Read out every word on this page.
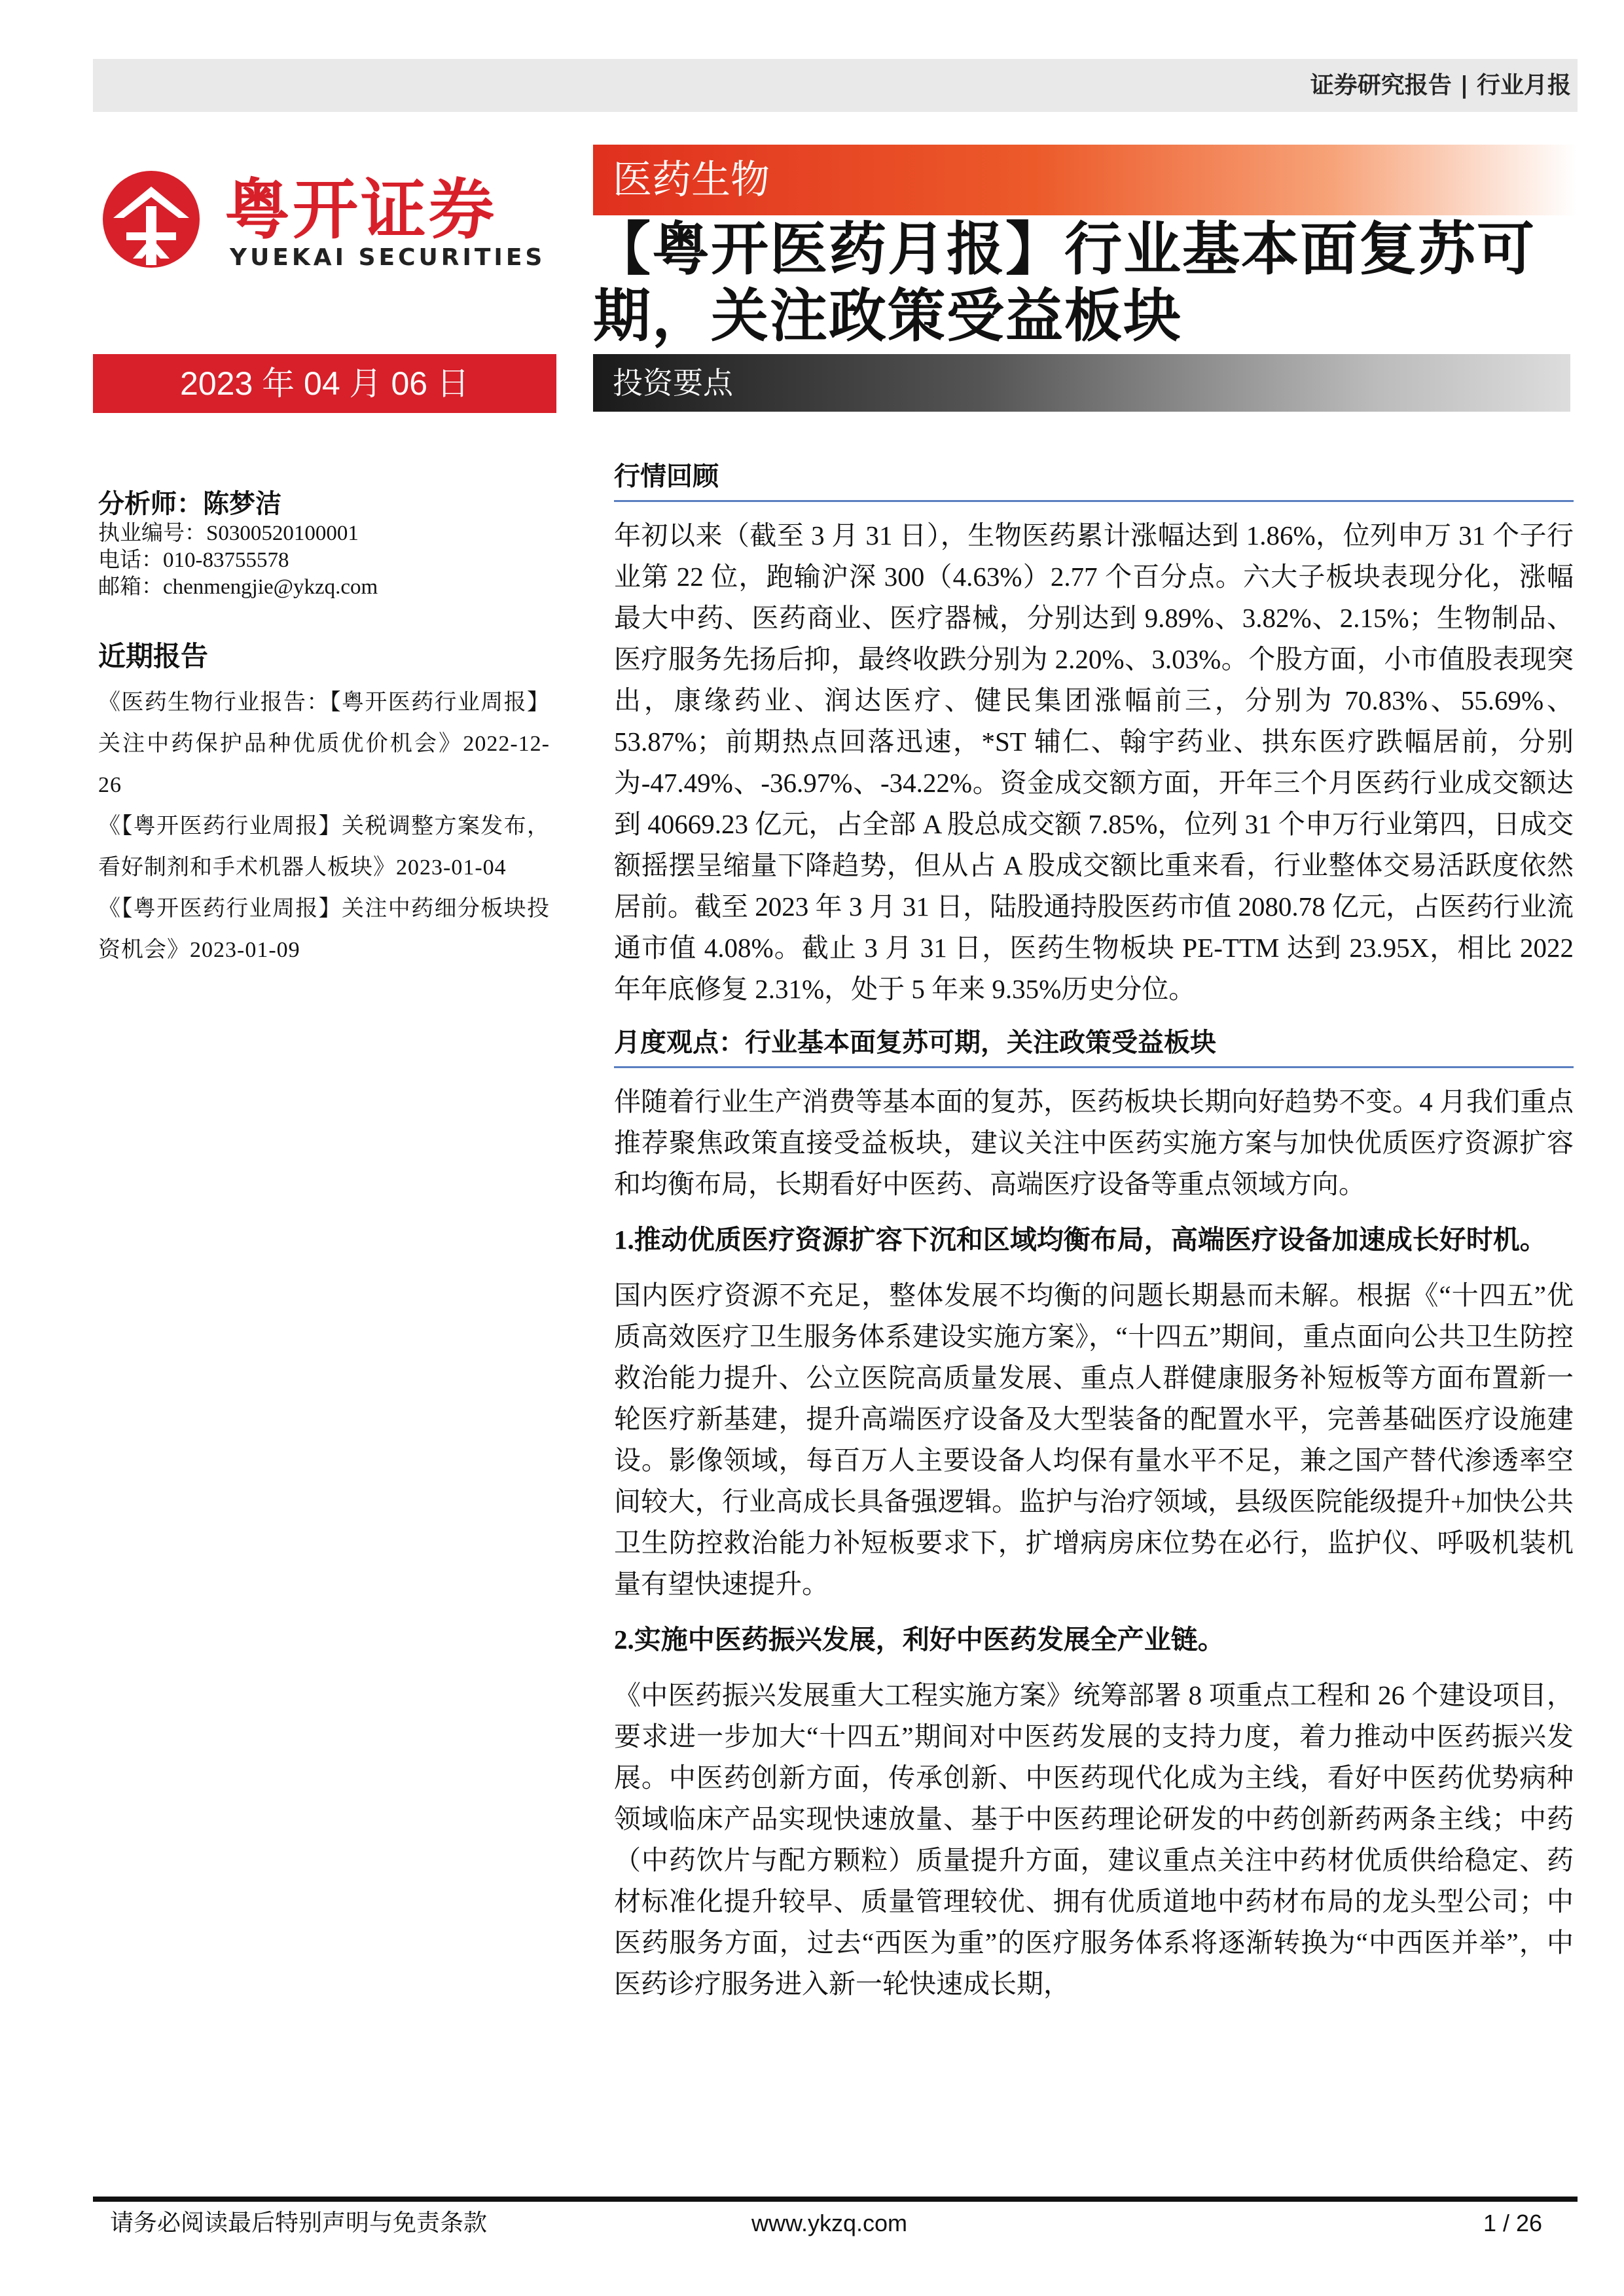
证券研究报告 | 行业月报
粤开证券
YUEKAI SECURITIES
医药生物
【粤开医药月报】行业基本面复苏可期，关注政策受益板块
2023 年 04 月 06 日	投资要点
分析师：陈梦洁
执业编号：S0300520100001
电话：010-83755578
邮箱：chenmengjie@ykzq.com
近期报告
《医药生物行业报告：【粤开医药行业周报】关注中药保护品种优质优价机会》2022-12-26
《【粤开医药行业周报】关税调整方案发布，看好制剂和手术机器人板块》2023-01-04
《【粤开医药行业周报】关注中药细分板块投资机会》2023-01-09
行情回顾
年初以来（截至 3 月 31 日），生物医药累计涨幅达到 1.86%，位列申万 31 个子行业第 22 位，跑输沪深 300（4.63%）2.77 个百分点。六大子板块表现分化，涨幅最大中药、医药商业、医疗器械，分别达到 9.89%、3.82%、2.15%；生物制品、医疗服务先扬后抑，最终收跌分别为 2.20%、3.03%。个股方面，小市值股表现突出，康缘药业、润达医疗、健民集团涨幅前三，分别为 70.83%、55.69%、53.87%；前期热点回落迅速，*ST 辅仁、翰宇药业、拱东医疗跌幅居前，分别为-47.49%、-36.97%、-34.22%。资金成交额方面，开年三个月医药行业成交额达到 40669.23 亿元，占全部 A 股总成交额 7.85%，位列 31 个申万行业第四，日成交额摇摆呈缩量下降趋势，但从占 A 股成交额比重来看，行业整体交易活跃度依然居前。截至 2023 年 3 月 31 日，陆股通持股医药市值 2080.78 亿元，占医药行业流通市值 4.08%。截止 3 月 31 日，医药生物板块 PE-TTM 达到 23.95X，相比 2022 年年底修复 2.31%，处于 5 年来 9.35%历史分位。
月度观点：行业基本面复苏可期，关注政策受益板块
伴随着行业生产消费等基本面的复苏，医药板块长期向好趋势不变。4 月我们重点推荐聚焦政策直接受益板块，建议关注中医药实施方案与加快优质医疗资源扩容和均衡布局，长期看好中医药、高端医疗设备等重点领域方向。
1.推动优质医疗资源扩容下沉和区域均衡布局，高端医疗设备加速成长好时机。
国内医疗资源不充足，整体发展不均衡的问题长期悬而未解。根据《“十四五”优质高效医疗卫生服务体系建设实施方案》，“十四五”期间，重点面向公共卫生防控救治能力提升、公立医院高质量发展、重点人群健康服务补短板等方面布置新一轮医疗新基建，提升高端医疗设备及大型装备的配置水平，完善基础医疗设施建设。影像领域，每百万人主要设备人均保有量水平不足，兼之国产替代渗透率空间较大，行业高成长具备强逻辑。监护与治疗领域，县级医院能级提升+加快公共卫生防控救治能力补短板要求下，扩增病房床位势在必行，监护仪、呼吸机装机量有望快速提升。
2.实施中医药振兴发展，利好中医药发展全产业链。
《中医药振兴发展重大工程实施方案》统筹部署 8 项重点工程和 26 个建设项目，要求进一步加大“十四五”期间对中医药发展的支持力度，着力推动中医药振兴发展。中医药创新方面，传承创新、中医药现代化成为主线，看好中医药优势病种领域临床产品实现快速放量、基于中医药理论研发的中药创新药两条主线；中药（中药饮片与配方颗粒）质量提升方面，建议重点关注中药材优质供给稳定、药材标准化提升较早、质量管理较优、拥有优质道地中药材布局的龙头型公司；中医药服务方面，过去“西医为重”的医疗服务体系将逐渐转换为“中西医并举”，中医药诊疗服务进入新一轮快速成长期，
请务必阅读最后特别声明与免责条款	www.ykzq.com	1 / 26
